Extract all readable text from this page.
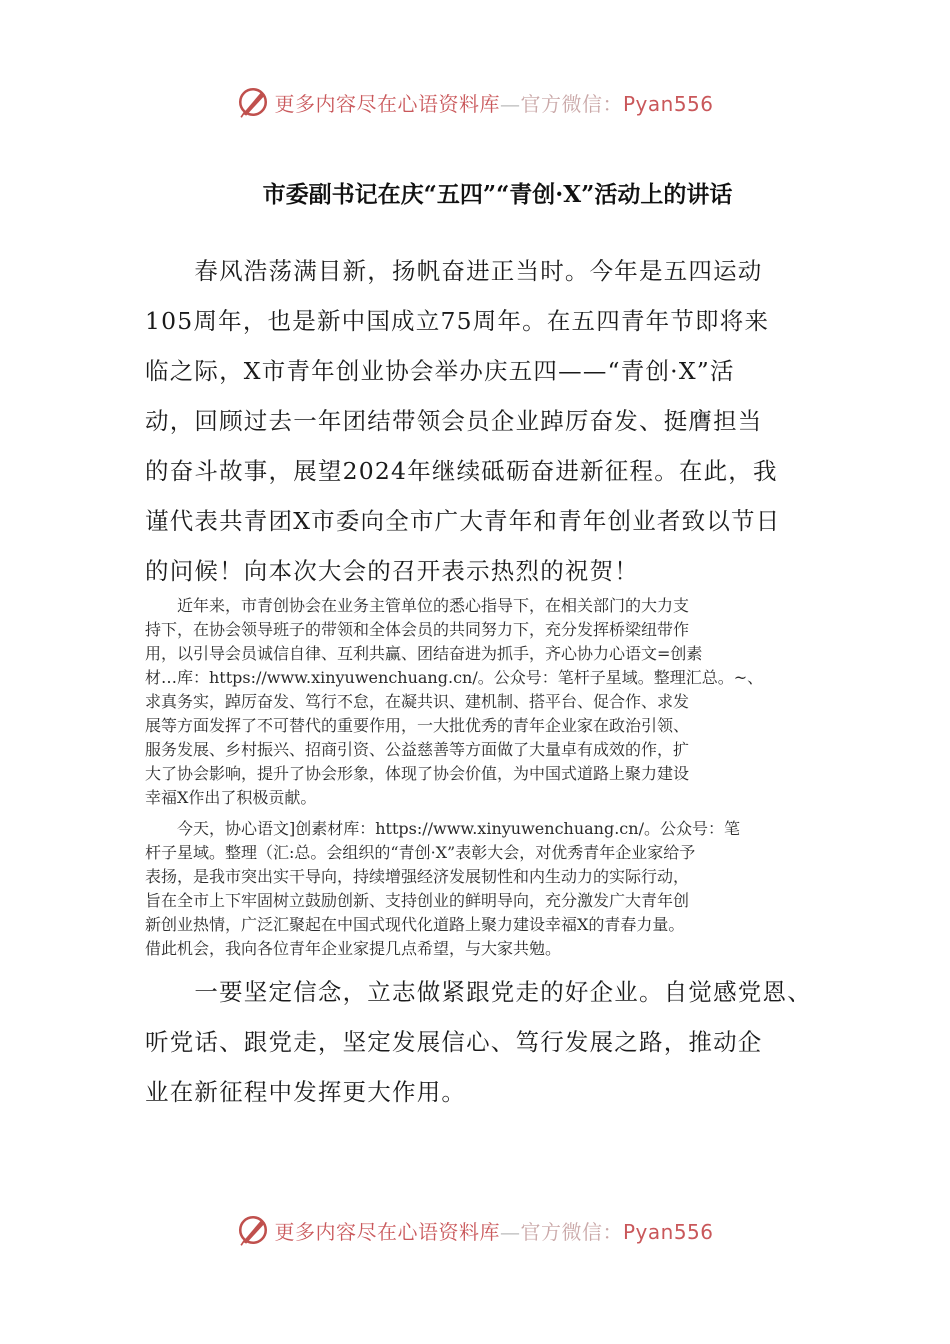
更多内容尽在心语资料库—官方微信：Pyan556
市委副书记在庆“五四”“青创·X”活动上的讲话
　　春风浩荡满目新，扬帆奋进正当时。今年是五四运动
105周年，也是新中国成立75周年。在五四青年节即将来
临之际，X市青年创业协会举办庆五四——“青创·X”活
动，回顾过去一年团结带领会员企业踔厉奋发、挺膺担当
的奋斗故事，展望2024年继续砥砺奋进新征程。在此，我
谨代表共青团X市委向全市广大青年和青年创业者致以节日
的问候！向本次大会的召开表示热烈的祝贺！
　　近年来，市青创协会在业务主管单位的悉心指导下，在相关部门的大力支
持下，在协会领导班子的带领和全体会员的共同努力下，充分发挥桥梁纽带作
用，以引导会员诚信自律、互利共赢、团结奋进为抓手，齐心协力心语文=创素
材…库：https://www.xinyuwenchuang.cn/。公众号：笔杆子星域。整理汇总。~、
求真务实，踔厉奋发、笃行不怠，在凝共识、建机制、搭平台、促合作、求发
展等方面发挥了不可替代的重要作用，一大批优秀的青年企业家在政治引领、
服务发展、乡村振兴、招商引资、公益慈善等方面做了大量卓有成效的作，扩
大了协会影响，提升了协会形象，体现了协会价值，为中国式道路上聚力建设
幸福X作出了积极贡献。
　　今天，协心语文]创素材库：https://www.xinyuwenchuang.cn/。公众号：笔
杆子星域。整理（汇:总。会组织的“青创·X”表彰大会，对优秀青年企业家给予
表扬，是我市突出实干导向，持续增强经济发展韧性和内生动力的实际行动，
旨在全市上下牢固树立鼓励创新、支持创业的鲜明导向，充分激发广大青年创
新创业热情，广泛汇聚起在中国式现代化道路上聚力建设幸福X的青春力量。
借此机会，我向各位青年企业家提几点希望，与大家共勉。
　　一要坚定信念，立志做紧跟党走的好企业。自觉感党恩、
听党话、跟党走，坚定发展信心、笃行发展之路，推动企
业在新征程中发挥更大作用。
更多内容尽在心语资料库—官方微信：Pyan556
